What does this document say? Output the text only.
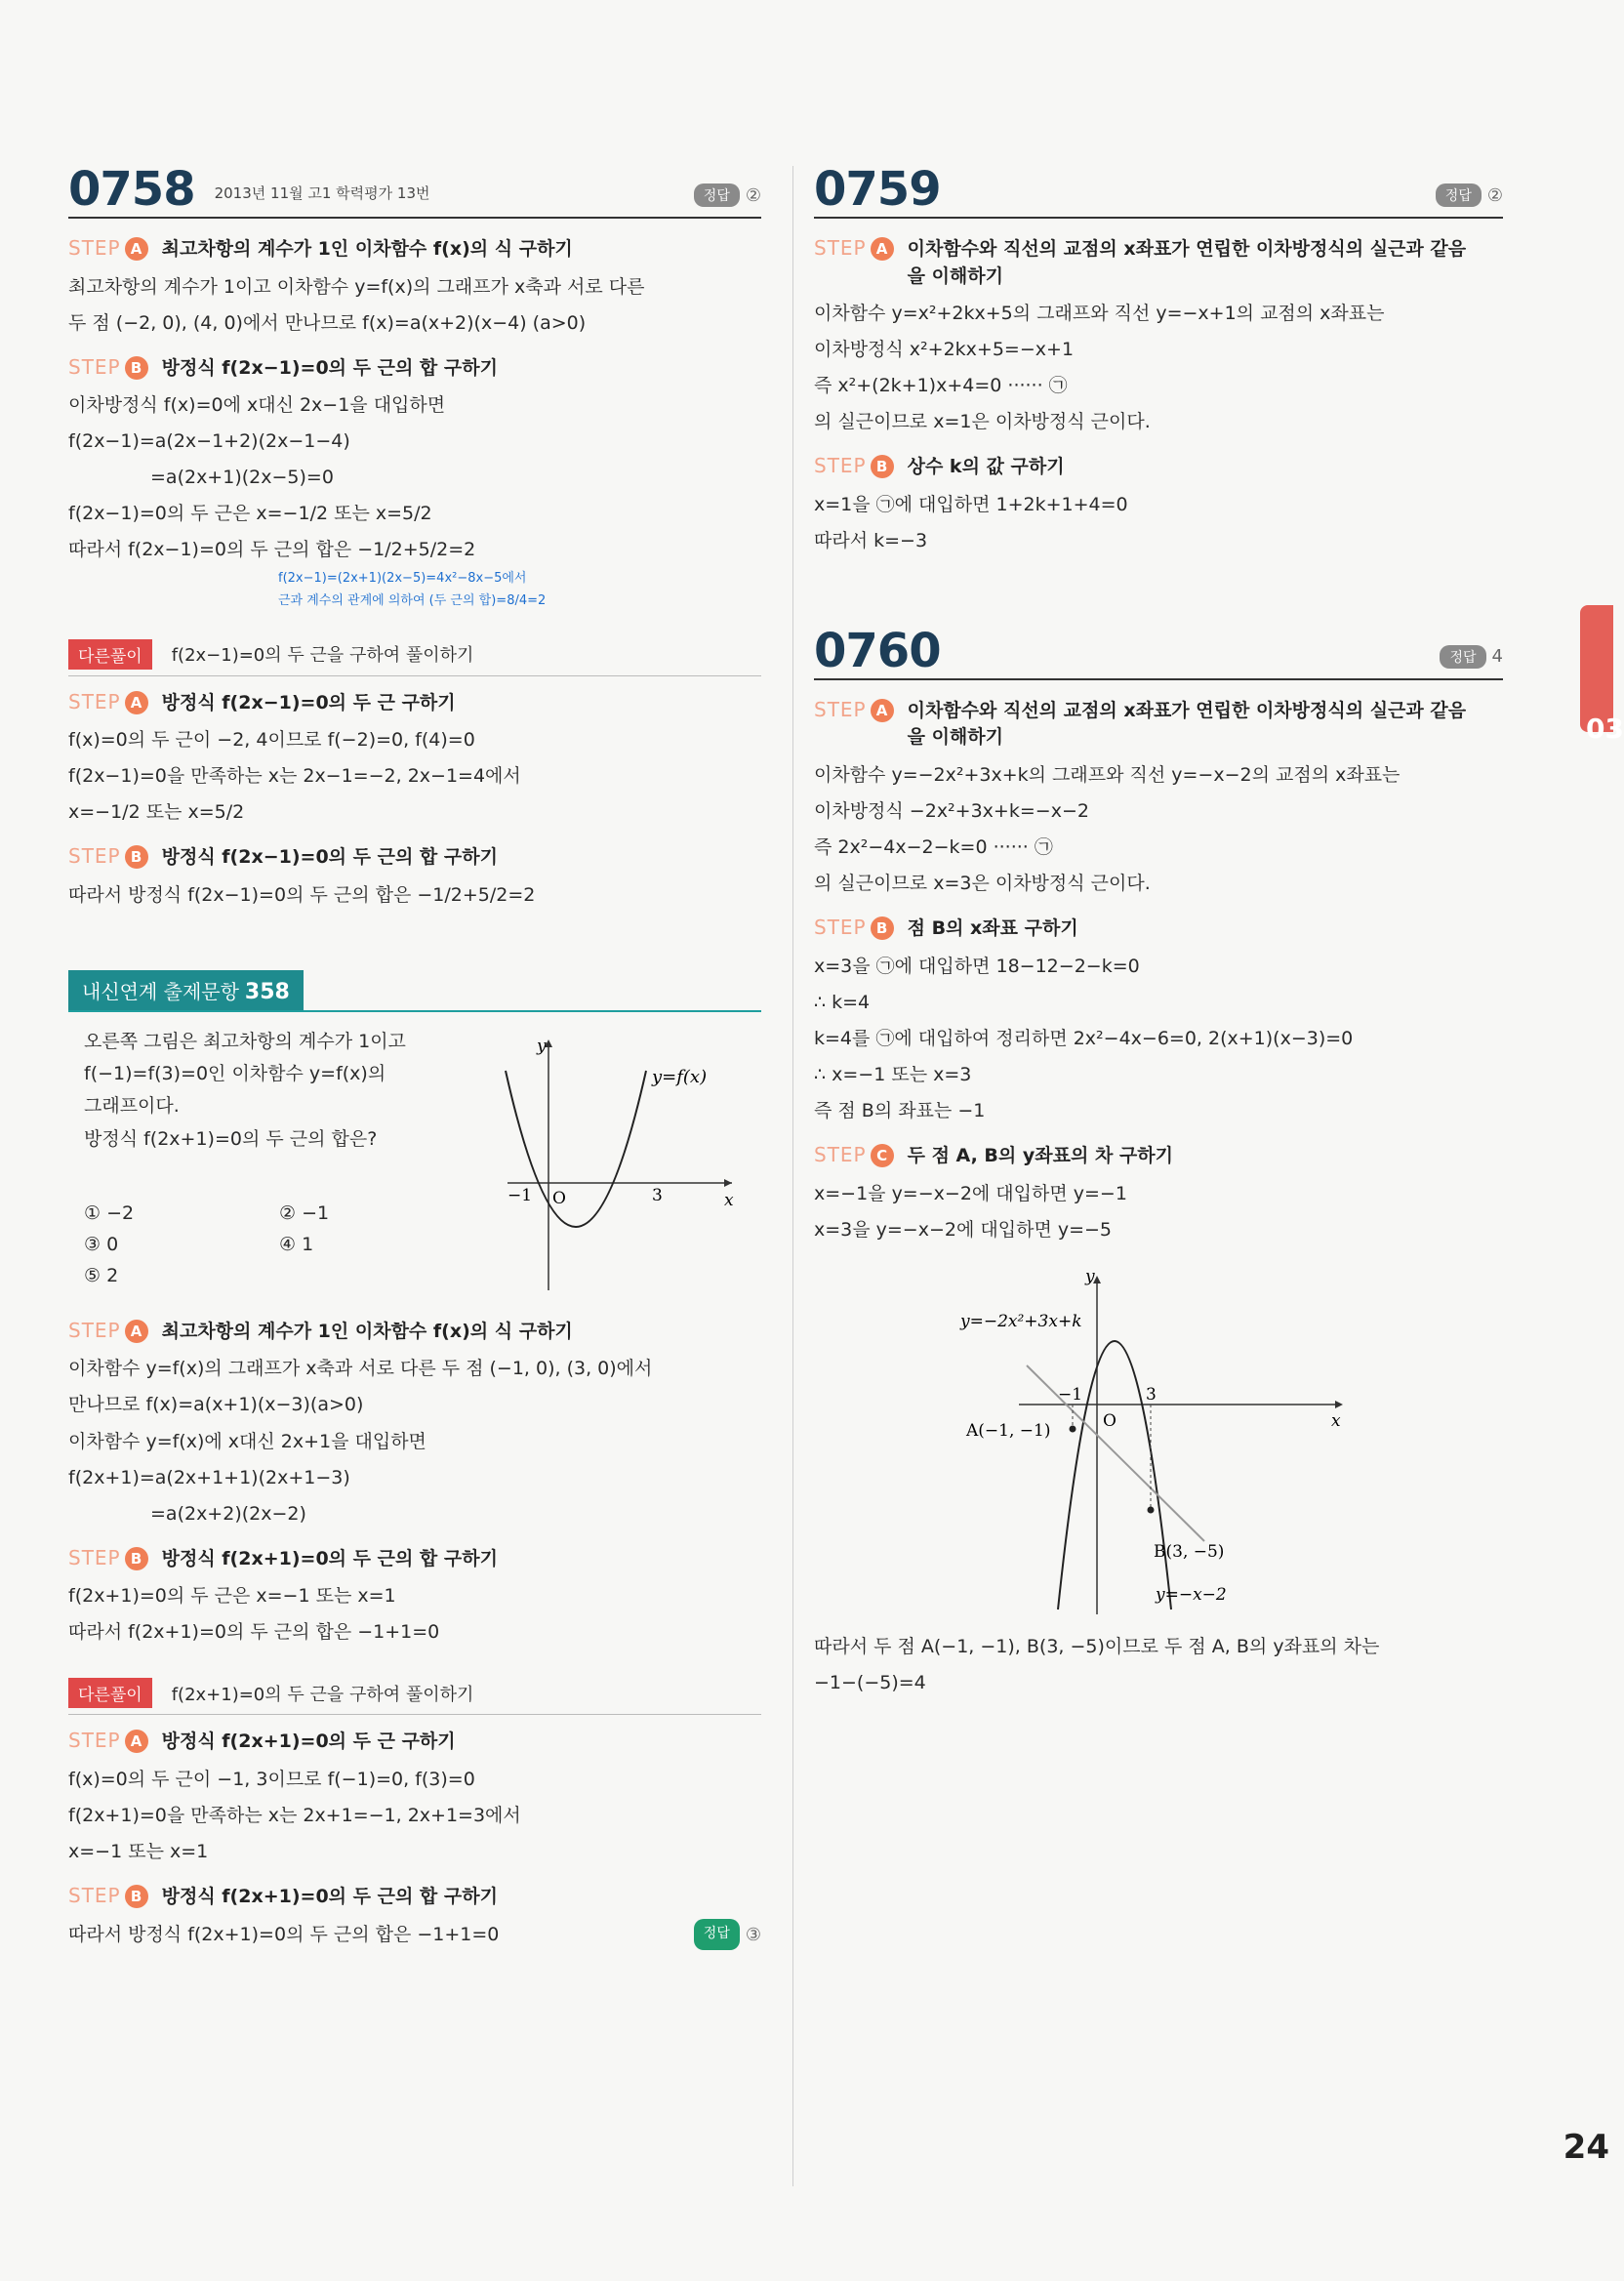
0758 2013년 11월 고1 학력평가 13번	정답 ②
STEP A	최고차항의 계수가 1인 이차함수 f(x)의 식 구하기
최고차항의 계수가 1이고 이차함수 y=f(x)의 그래프가 x축과 서로 다른
두 점 (−2, 0), (4, 0)에서 만나므로 f(x)=a(x+2)(x−4) (a>0)
STEP B	방정식 f(2x−1)=0의 두 근의 합 구하기
이차방정식 f(x)=0에 x대신 2x−1을 대입하면
f(2x−1)=a(2x−1+2)(2x−1−4)
=a(2x+1)(2x−5)=0
f(2x−1)=0의 두 근은 x=−1/2 또는 x=5/2
따라서 f(2x−1)=0의 두 근의 합은 −1/2+5/2=2
f(2x−1)=(2x+1)(2x−5)=4x²−8x−5에서
근과 계수의 관계에 의하여 (두 근의 합)=8/4=2
다른풀이	f(2x−1)=0의 두 근을 구하여 풀이하기
STEP A	방정식 f(2x−1)=0의 두 근 구하기
f(x)=0의 두 근이 −2, 4이므로 f(−2)=0, f(4)=0
f(2x−1)=0을 만족하는 x는 2x−1=−2, 2x−1=4에서
x=−1/2 또는 x=5/2
STEP B	방정식 f(2x−1)=0의 두 근의 합 구하기
따라서 방정식 f(2x−1)=0의 두 근의 합은 −1/2+5/2=2
내신연계 출제문항 358
오른쪽 그림은 최고차항의 계수가 1이고
f(−1)=f(3)=0인 이차함수 y=f(x)의
그래프이다.
방정식 f(2x+1)=0의 두 근의 합은?
① −2	② −1
③ 0	④ 1
⑤ 2
y
x
O
−1	3
y=f(x)
STEP A	최고차항의 계수가 1인 이차함수 f(x)의 식 구하기
이차함수 y=f(x)의 그래프가 x축과 서로 다른 두 점 (−1, 0), (3, 0)에서
만나므로 f(x)=a(x+1)(x−3)(a>0)
이차함수 y=f(x)에 x대신 2x+1을 대입하면
f(2x+1)=a(2x+1+1)(2x+1−3)
=a(2x+2)(2x−2)
STEP B	방정식 f(2x+1)=0의 두 근의 합 구하기
f(2x+1)=0의 두 근은 x=−1 또는 x=1
따라서 f(2x+1)=0의 두 근의 합은 −1+1=0
다른풀이	f(2x+1)=0의 두 근을 구하여 풀이하기
STEP A	방정식 f(2x+1)=0의 두 근 구하기
f(x)=0의 두 근이 −1, 3이므로 f(−1)=0, f(3)=0
f(2x+1)=0을 만족하는 x는 2x+1=−1, 2x+1=3에서
x=−1 또는 x=1
STEP B	방정식 f(2x+1)=0의 두 근의 합 구하기
따라서 방정식 f(2x+1)=0의 두 근의 합은 −1+1=0	정답 ③
0759	정답 ②
STEP A	이차함수와 직선의 교점의 x좌표가 연립한 이차방정식의 실근과 같음을 이해하기
이차함수 y=x²+2kx+5의 그래프와 직선 y=−x+1의 교점의 x좌표는
이차방정식 x²+2kx+5=−x+1
즉 x²+(2k+1)x+4=0 ······ ㉠
의 실근이므로 x=1은 이차방정식 근이다.
STEP B	상수 k의 값 구하기
x=1을 ㉠에 대입하면 1+2k+1+4=0
따라서 k=−3
0760	정답 4
STEP A	이차함수와 직선의 교점의 x좌표가 연립한 이차방정식의 실근과 같음을 이해하기
이차함수 y=−2x²+3x+k의 그래프와 직선 y=−x−2의 교점의 x좌표는
이차방정식 −2x²+3x+k=−x−2
즉 2x²−4x−2−k=0 ······ ㉠
의 실근이므로 x=3은 이차방정식 근이다.
STEP B	점 B의 x좌표 구하기
x=3을 ㉠에 대입하면 18−12−2−k=0
∴ k=4
k=4를 ㉠에 대입하여 정리하면 2x²−4x−6=0, 2(x+1)(x−3)=0
∴ x=−1 또는 x=3
즉 점 B의 좌표는 −1
STEP C	두 점 A, B의 y좌표의 차 구하기
x=−1을 y=−x−2에 대입하면 y=−1
x=3을 y=−x−2에 대입하면 y=−5
y
x
O
−1	3
y=−2x²+3x+k
y=−x−2
A(−1, −1)
B(3, −5)
따라서 두 점 A(−1, −1), B(3, −5)이므로 두 점 A, B의 y좌표의 차는
−1−(−5)=4
03
24
